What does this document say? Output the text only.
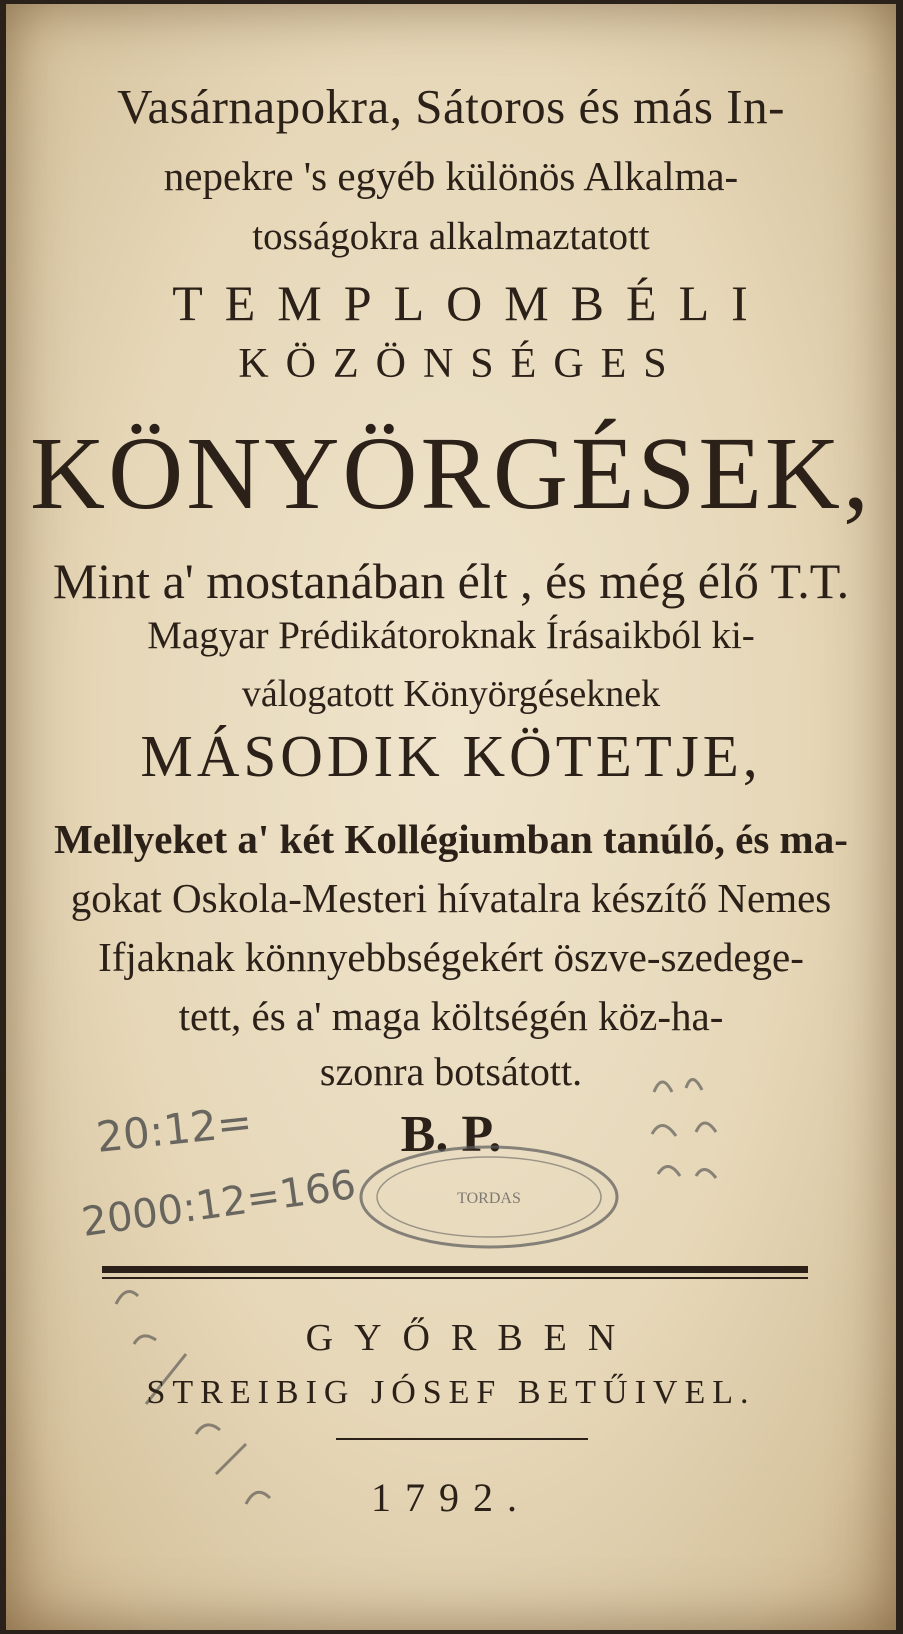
Vasárnapokra, Sátoros és más In-
nepekre 's egyéb különös Alkalma-
tosságokra alkalmaztatott
TEMPLOMBÉLI
KÖZÖNSÉGES
KÖNYÖRGÉSEK,
Mint a' mostanában élt , és még élő T.T.
Magyar Prédikátoroknak Írásaikból ki-
válogatott Könyörgéseknek
MÁSODIK KÖTETJE,
Mellyeket a' két Kollégiumban tanúló, és ma-
gokat Oskola-Mesteri hívatalra készítő Nemes
Ifjaknak könnyebbségekért öszve-szedege-
tett, és a' maga költségén köz-ha-
szonra botsátott.
B. P.
TORDAS
20:12=
2000:12=166
GYŐRBEN
STREIBIG JÓSEF BETŰIVEL.
1792.
